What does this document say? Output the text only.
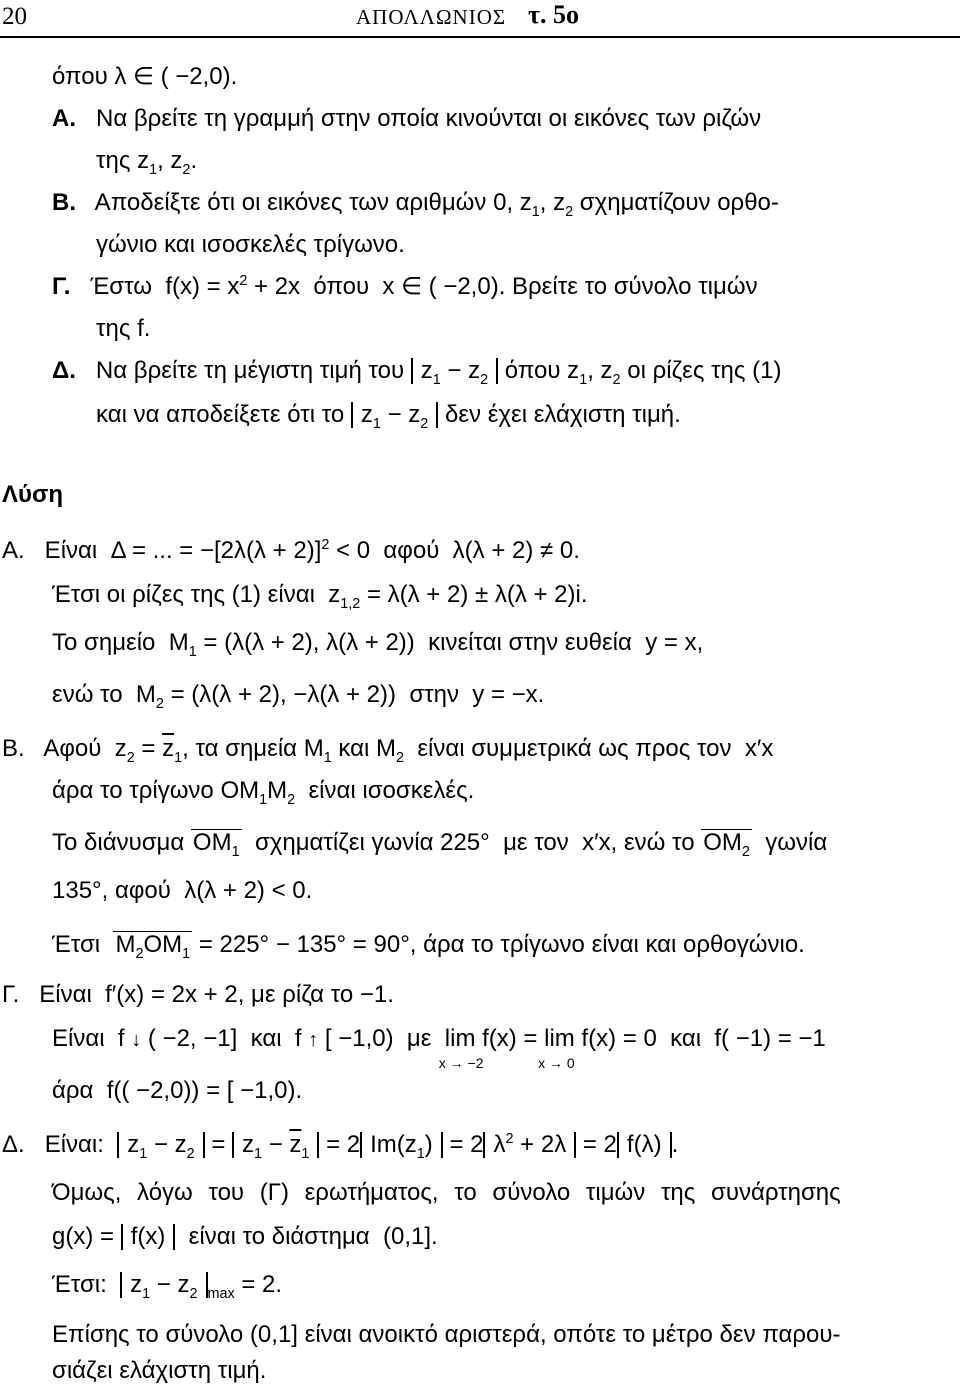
20	ΑΠΟΛΛΩΝΙΟΣ τ. 5ο
όπου λ ∈ ( −2,0).
Α.   Να βρείτε τη γραμμή στην οποία κινούνται οι εικόνες των ριζών
της $z_1$, $z_2$.
Β.   Αποδείξτε ότι οι εικόνες των αριθμών 0, $z_1$, $z_2$ σχηματίζουν ορθο-
γώνιο και ισοσκελές τρίγωνο.
Γ.   Έστω  $f(x) = x^2 + 2x$  όπου  x ∈ ( −2,0). Βρείτε το σύνολο τιμών
της f.
Δ.   Να βρείτε τη μέγιστη τιμή του $z_1 - z_2$ όπου $z_1$, $z_2$ οι ρίζες της (1)
και να αποδείξετε ότι το $z_1 - z_2$ δεν έχει ελάχιστη τιμή.
Λύση
Α.   Είναι  Δ = ... = $-[2\lambda(\lambda + 2)]^2 < 0$  αφού  λ(λ + 2) ≠ 0.
Έτσι οι ρίζες της (1) είναι  $z_{1,2} = \lambda(\lambda + 2) \pm \lambda(\lambda + 2)i$.
Το σημείο  $M_1 = (\lambda(\lambda + 2)$, λ(λ + 2))  κινείται στην ευθεία  y = x,
ενώ το  $M_2 = (\lambda(\lambda + 2)$, −λ(λ + 2))  στην  y = −x.
Β.   Αφού  $z_2 = \overline{z}_1$, τα σημεία $M_1$ και $M_2$  είναι συμμετρικά ως προς τον  x′x
άρα το τρίγωνο $OM_1M_2$  είναι ισοσκελές.
Το διάνυσμα $OM_1$  σχηματίζει γωνία 225°  με τον  x′x, ενώ το $OM_2$  γωνία
135°, αφού  λ(λ + 2) < 0.
Έτσι  $M_2OM_1 = 225^\circ - 135^\circ = 90^\circ$, άρα το τρίγωνο είναι και ορθογώνιο.
Γ.   Είναι  f′(x) = 2x + 2, με ρίζα το −1.
Είναι  f ↓ ( −2, −1]  και  f ↑ [ −1,0)  με  lim
x → −2
f(x) = lim
x → 0
f(x) = 0  και  f( −1) = −1
άρα  f(( −2,0)) = [ −1,0).
Δ.   Είναι:  $z_1 - z_2 = z_1 - \overline{z}_1 = 2$ $Im(z_1) = 2$ $\lambda^2 + 2\lambda = 2$ f(λ) .
Όμως, λόγω του (Γ) ερωτήματος, το σύνολο τιμών της συνάρτησης
g(x) = f(x)  είναι το διάστημα  (0,1].
Έτσι:  $z_1 - z_2$ $_{max}$ = 2.
Επίσης το σύνολο (0,1] είναι ανοικτό αριστερά, οπότε το μέτρο δεν παρου-
σιάζει ελάχιστη τιμή.
